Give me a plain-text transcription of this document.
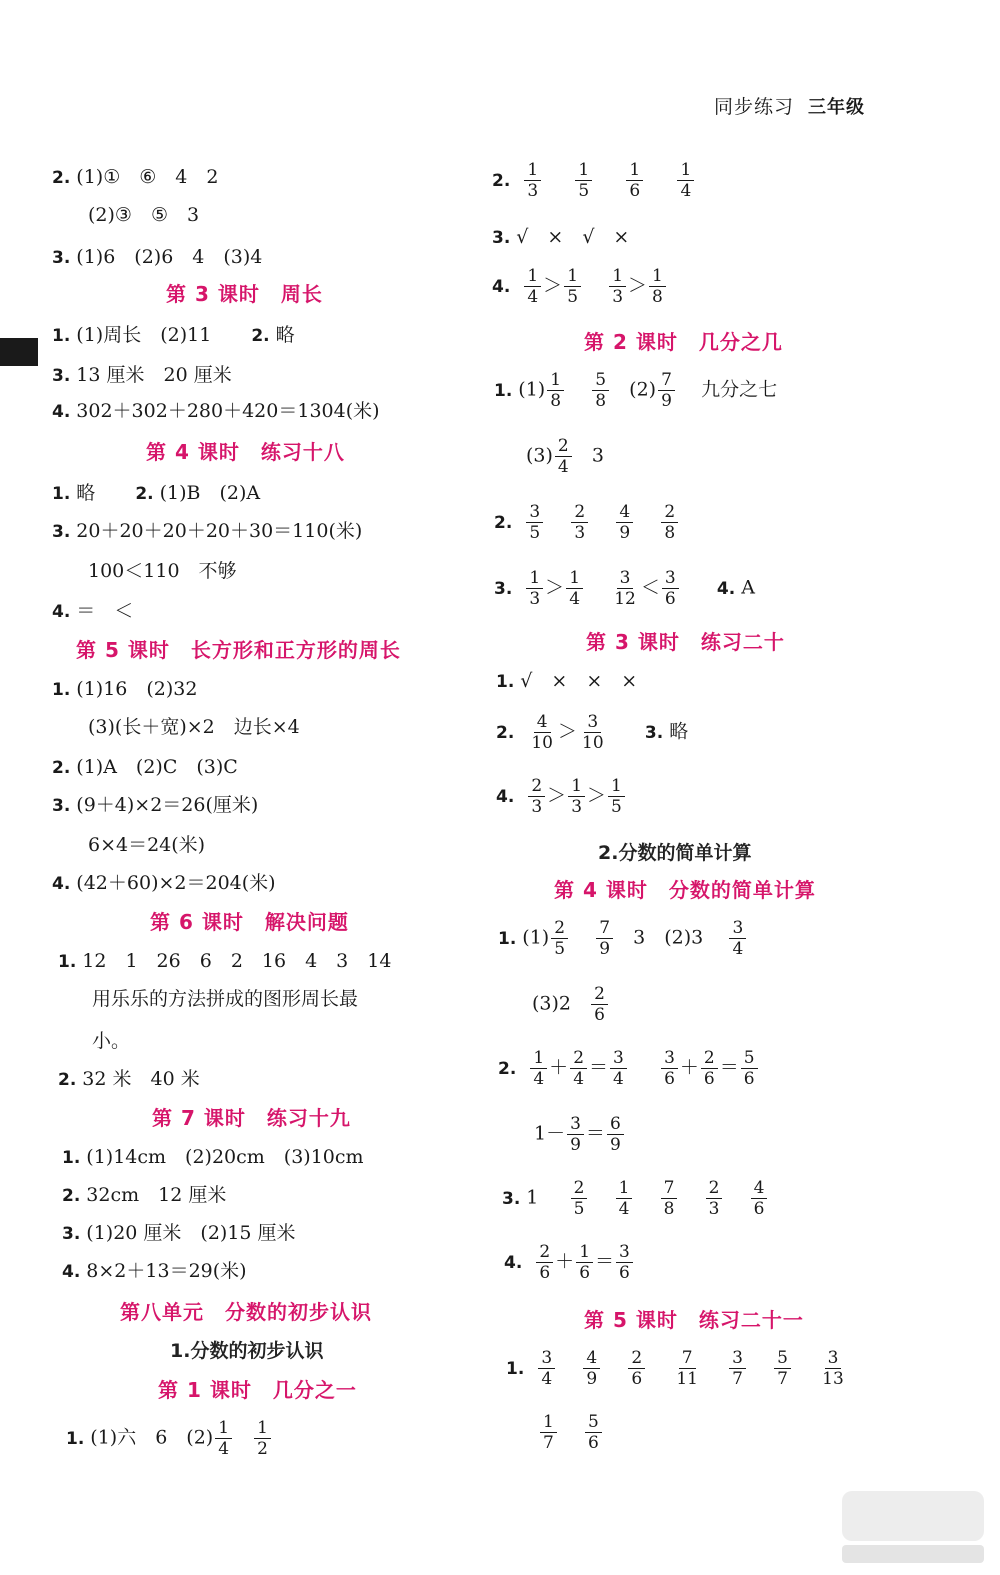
同步练习 三年级
2. (1)①　⑥　4　2
(2)③　⑤　3
3. (1)6　(2)6　4　(3)4
第 3 课时　周长
1. (1)周长　(2)11 2. 略
3. 13 厘米　20 厘米
4. 302＋302＋280＋420＝1304(米)
第 4 课时　练习十八
1. 略 2. (1)B　(2)A
3. 20＋20＋20＋20＋30＝110(米)
100＜110　不够
4. ＝　＜
第 5 课时　长方形和正方形的周长
1. (1)16　(2)32
(3)(长＋宽)×2　边长×4
2. (1)A　(2)C　(3)C
3. (9＋4)×2＝26(厘米)
6×4＝24(米)
4. (42＋60)×2＝204(米)
第 6 课时　解决问题
1. 12　1　26　6　2　16　4　3　14
用乐乐的方法拼成的图形周长最
小。
2. 32 米　40 米
第 7 课时　练习十九
1. (1)14cm　(2)20cm　(3)10cm
2. 32cm　12 厘米
3. (1)20 厘米　(2)15 厘米
4. 8×2＋13＝29(米)
第八单元　分数的初步认识
1.分数的初步认识
第 1 课时　几分之一
1. (1)六　6　$(2) \frac{1}{4}$
$\frac{1}{2}$
2. $\frac{1}{3}$
$\frac{1}{5}$
$\frac{1}{6}$
$\frac{1}{4}$
3. √　×　√　×
4. $\frac{1}{4} > \frac{1}{5}$
$\frac{1}{3} > \frac{1}{8}$
第 2 课时　几分之几
1. $(1) \frac{1}{8}$
$\frac{5}{8} (2) \frac{7}{9}$ 九分之七
$(3) \frac{2}{4} 3$
2. $\frac{3}{5}$
$\frac{2}{3}$
$\frac{4}{9}$
$\frac{2}{8}$
3. $\frac{1}{3} > \frac{1}{4}$
$\frac{3}{12} < \frac{3}{6} 4$. A
第 3 课时　练习二十
1. √　×　×　×
2. $\frac{4}{10} > \frac{3}{10} 3$. 略
4. $\frac{2}{3} > \frac{1}{3} > \frac{1}{5}$
2.分数的简单计算
第 4 课时　分数的简单计算
1. $(1) \frac{2}{5}$
$\frac{7}{9} 3$　$(2)3 \frac{3}{4}$
$(3)2 \frac{2}{6}$
2. $\frac{1}{4} + \frac{2}{4} = \frac{3}{4}$
$\frac{3}{6} + \frac{2}{6} = \frac{5}{6}$
$1- \frac{3}{9} = \frac{6}{9}$
3. $1 \frac{2}{5}$
$\frac{1}{4}$
$\frac{7}{8}$
$\frac{2}{3}$
$\frac{4}{6}$
4. $\frac{2}{6} + \frac{1}{6} = \frac{3}{6}$
第 5 课时　练习二十一
1. $\frac{3}{4}$
$\frac{4}{9}$
$\frac{2}{6}$
$\frac{7}{11}$
$\frac{3}{7}$
$\frac{5}{7}$
$\frac{3}{13}$
$\frac{1}{7}$
$\frac{5}{6}$
